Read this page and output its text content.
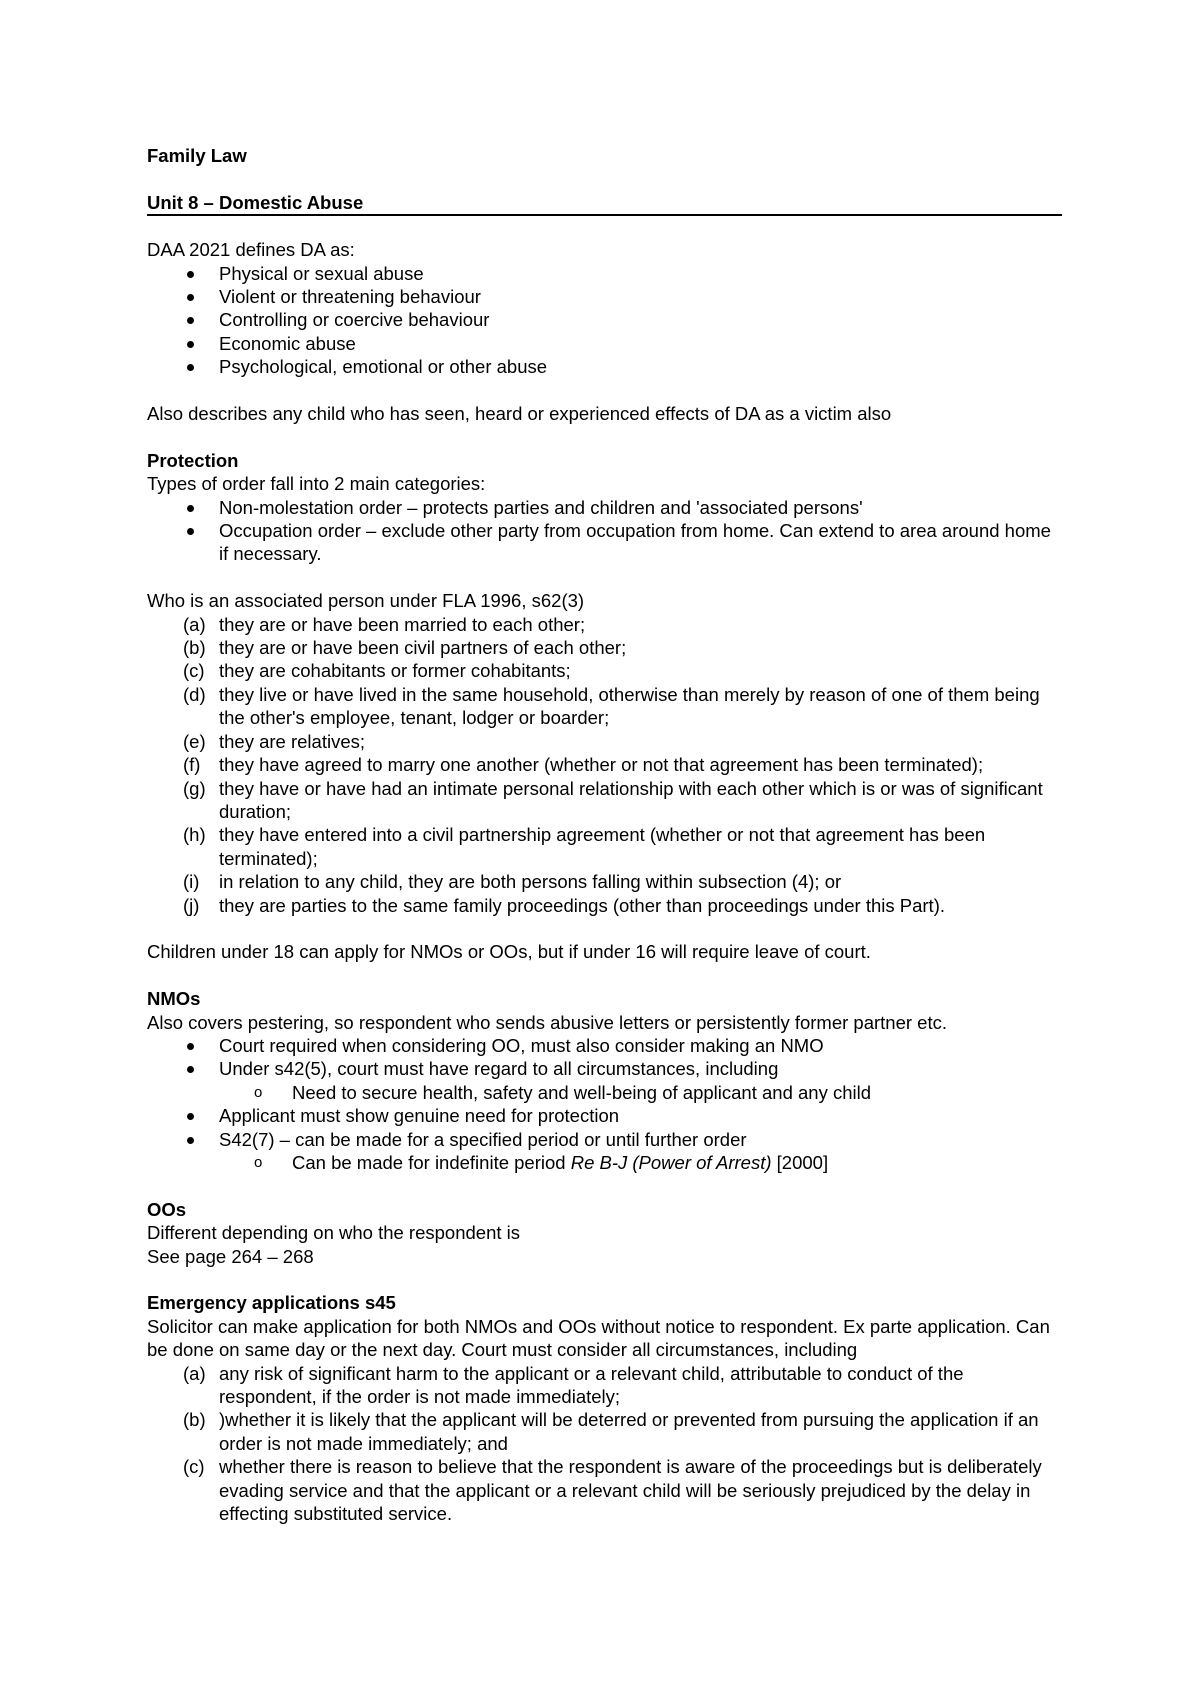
Family Law

Unit 8 – Domestic Abuse

DAA 2021 defines DA as:

Physical or sexual abuse
Violent or threatening behaviour
Controlling or coercive behaviour
Economic abuse
Psychological, emotional or other abuse

Also describes any child who has seen, heard or experienced effects of DA as a victim also

Protection

Types of order fall into 2 main categories:

Non-molestation order – protects parties and children and 'associated persons'
Occupation order – exclude other party from occupation from home. Can extend to area around home if necessary.

Who is an associated person under FLA 1996, s62(3)

(a) they are or have been married to each other;
(b) they are or have been civil partners of each other;
(c) they are cohabitants or former cohabitants;
(d) they live or have lived in the same household, otherwise than merely by reason of one of them being the other's employee, tenant, lodger or boarder;
(e) they are relatives;
(f) they have agreed to marry one another (whether or not that agreement has been terminated);
(g) they have or have had an intimate personal relationship with each other which is or was of significant duration;
(h) they have entered into a civil partnership agreement (whether or not that agreement has been terminated);
(i) in relation to any child, they are both persons falling within subsection (4); or
(j) they are parties to the same family proceedings (other than proceedings under this Part).

Children under 18 can apply for NMOs or OOs, but if under 16 will require leave of court.

NMOs

Also covers pestering, so respondent who sends abusive letters or persistently former partner etc.

Court required when considering OO, must also consider making an NMO
Under s42(5), court must have regard to all circumstances, including
o Need to secure health, safety and well-being of applicant and any child
Applicant must show genuine need for protection
S42(7) – can be made for a specified period or until further order
o Can be made for indefinite period Re B-J (Power of Arrest) [2000]

OOs

Different depending on who the respondent is

See page 264 – 268

Emergency applications s45

Solicitor can make application for both NMOs and OOs without notice to respondent. Ex parte application. Can be done on same day or the next day. Court must consider all circumstances, including

(a) any risk of significant harm to the applicant or a relevant child, attributable to conduct of the respondent, if the order is not made immediately;
(b) )whether it is likely that the applicant will be deterred or prevented from pursuing the application if an order is not made immediately; and
(c) whether there is reason to believe that the respondent is aware of the proceedings but is deliberately evading service and that the applicant or a relevant child will be seriously prejudiced by the delay in effecting substituted service.
